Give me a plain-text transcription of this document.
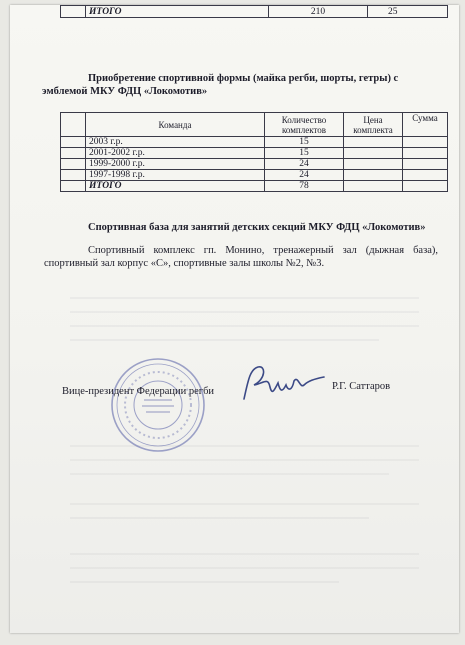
	ИТОГО	210	25
Приобретение спортивной формы (майка регби, шорты, гетры) с
эмблемой МКУ ФДЦ «Локомотив»
	Команда	Количество комплектов	Цена комплекта	Сумма
	2003 г.р.	15		
	2001-2002 г.р.	15		
	1999-2000 г.р.	24		
	1997-1998 г.р.	24		
	ИТОГО	78		
Спортивная база для занятий детских секций МКУ ФДЦ «Локомотив»
Спортивный комплекс гп. Монино, тренажерный зал (дыжная база), спортивный зал корпус «С», спортивные залы школы №2, №3.
Вице-президент Федерации регби	Р.Г. Саттаров
